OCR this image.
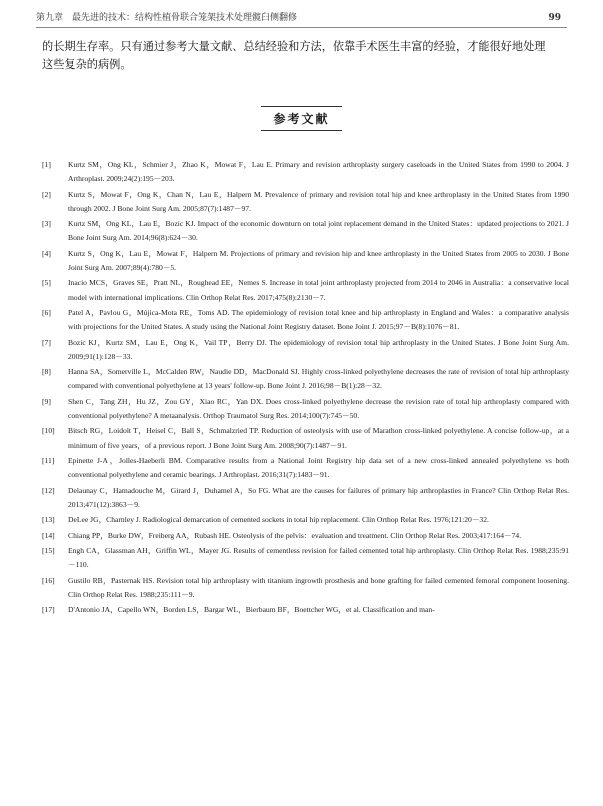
第九章　最先进的技术：结构性植骨联合笼架技术处理髋臼侧翻修	99
的长期生存率。只有通过参考大量文献、总结经验和方法，依靠手术医生丰富的经验，才能很好地处理
这些复杂的病例。
参考文献
[1] Kurtz SM，Ong KL，Schmier J，Zhao K，Mowat F，Lau E. Primary and revision arthroplasty surgery caseloads in the United States from 1990 to 2004. J Arthroplast. 2009;24(2):195－203.
[2] Kurtz S，Mowat F，Ong K，Chan N，Lau E，Halpern M. Prevalence of primary and revision total hip and knee arthroplasty in the United States from 1990 through 2002. J Bone Joint Surg Am. 2005;87(7):1487－97.
[3] Kurtz SM，Ong KL，Lau E，Bozic KJ. Impact of the economic downturn on total joint replacement demand in the United States：updated projections to 2021. J Bone Joint Surg Am. 2014;96(8):624－30.
[4] Kurtz S，Ong K，Lau E，Mowat F，Halpern M. Projections of primary and revision hip and knee arthroplasty in the United States from 2005 to 2030. J Bone Joint Surg Am. 2007;89(4):780－5.
[5] Inacio MCS，Graves SE，Pratt NL，Roughead EE，Nemes S. Increase in total joint arthroplasty projected from 2014 to 2046 in Australia：a conservative local model with international implications. Clin Orthop Relat Res. 2017;475(8):2130－7.
[6] Patel A，Pavlou G，Mújica-Mota RE，Toms AD. The epidemiology of revision total knee and hip arthroplasty in England and Wales：a comparative analysis with projections for the United States. A study using the National Joint Registry dataset. Bone Joint J. 2015;97－B(8):1076－81.
[7] Bozic KJ，Kurtz SM，Lau E，Ong K，Vail TP，Berry DJ. The epidemiology of revision total hip arthroplasty in the United States. J Bone Joint Surg Am. 2009;91(1):128－33.
[8] Hanna SA，Somerville L，McCalden RW，Naudie DD，MacDonald SJ. Highly cross-linked polyethylene decreases the rate of revision of total hip arthroplasty compared with conventional polyethylene at 13 years' follow-up. Bone Joint J. 2016;98－B(1):28－32.
[9] Shen C，Tang ZH，Hu JZ，Zou GY，Xiao RC，Yan DX. Does cross-linked polyethylene decrease the revision rate of total hip arthroplasty compared with conventional polyethylene? A metaanalysis. Orthop Traumatol Surg Res. 2014;100(7):745－50.
[10] Bitsch RG，Loidolt T，Heisel C，Ball S，Schmalzried TP. Reduction of osteolysis with use of Marathon cross-linked polyethylene. A concise follow-up，at a minimum of five years，of a previous report. J Bone Joint Surg Am. 2008;90(7):1487－91.
[11] Epinette J-A，Jolles-Haeberli BM. Comparative results from a National Joint Registry hip data set of a new cross-linked annealed polyethylene vs both conventional polyethylene and ceramic bearings. J Arthroplast. 2016;31(7):1483－91.
[12] Delaunay C，Hamadouche M，Girard J，Duhamel A，So FG. What are the causes for failures of primary hip arthroplasties in France? Clin Orthop Relat Res. 2013;471(12):3863－9.
[13] DeLee JG，Charnley J. Radiological demarcation of cemented sockets in total hip replacement. Clin Orthop Relat Res. 1976;121:20－32.
[14] Chiang PP，Burke DW，Freiberg AA，Rubash HE. Osteolysis of the pelvis：evaluation and treatment. Clin Orthop Relat Res. 2003;417:164－74.
[15] Engh CA，Glassman AH，Griffin WL，Mayer JG. Results of cementless revision for failed cemented total hip arthroplasty. Clin Orthop Relat Res. 1988;235:91－110.
[16] Gustilo RB，Pasternak HS. Revision total hip arthroplasty with titanium ingrowth prosthesis and bone grafting for failed cemented femoral component loosening. Clin Orthop Relat Res. 1988;235:111－9.
[17] D'Antonio JA，Capello WN，Borden LS，Bargar WL，Bierbaum BF，Boettcher WG，et al. Classification and man-
